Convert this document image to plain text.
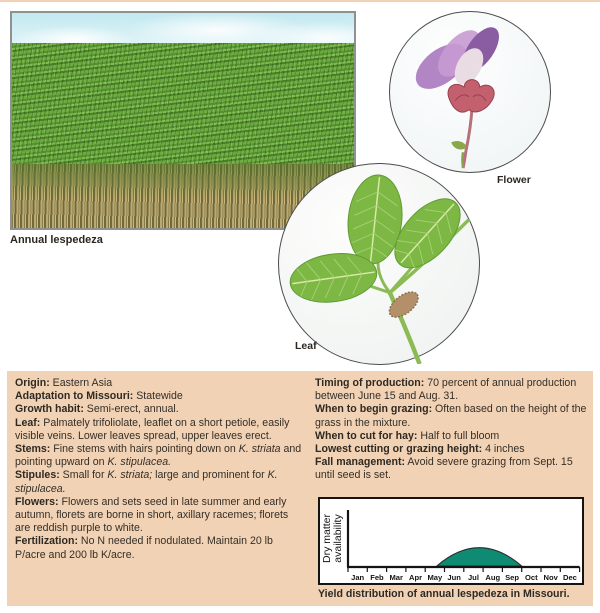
Annual lespedeza
Flower
Leaf

Origin: Eastern Asia

Adaptation to Missouri: Statewide

Growth habit: Semi-erect, annual.

Leaf: Palmately trifoliolate, leaflet on a short petiole, easily visible veins. Lower leaves spread, upper leaves erect.

Stems: Fine stems with hairs pointing down on K. striata and pointing upward on K. stipulacea.

Stipules: Small for K. striata; large and prominent for K. stipulacea.

Flowers: Flowers and sets seed in late summer and early autumn, florets are borne in short, axillary racemes; florets are reddish purple to white.

Fertilization: No N needed if nodulated. Maintain 20 lb P/acre and 200 lb K/acre.

Timing of production: 70 percent of annual production between June 15 and Aug. 31.

When to begin grazing: Often based on the height of the grass in the mixture.

When to cut for hay: Half to full bloom

Lowest cutting or grazing height: 4 inches

Fall management: Avoid severe grazing from Sept. 15 until seed is set.

Jan Feb Mar Apr May Jun Jul Aug Sep Oct Nov Dec
Dry matter availability
Yield distribution of annual lespedeza in Missouri.
